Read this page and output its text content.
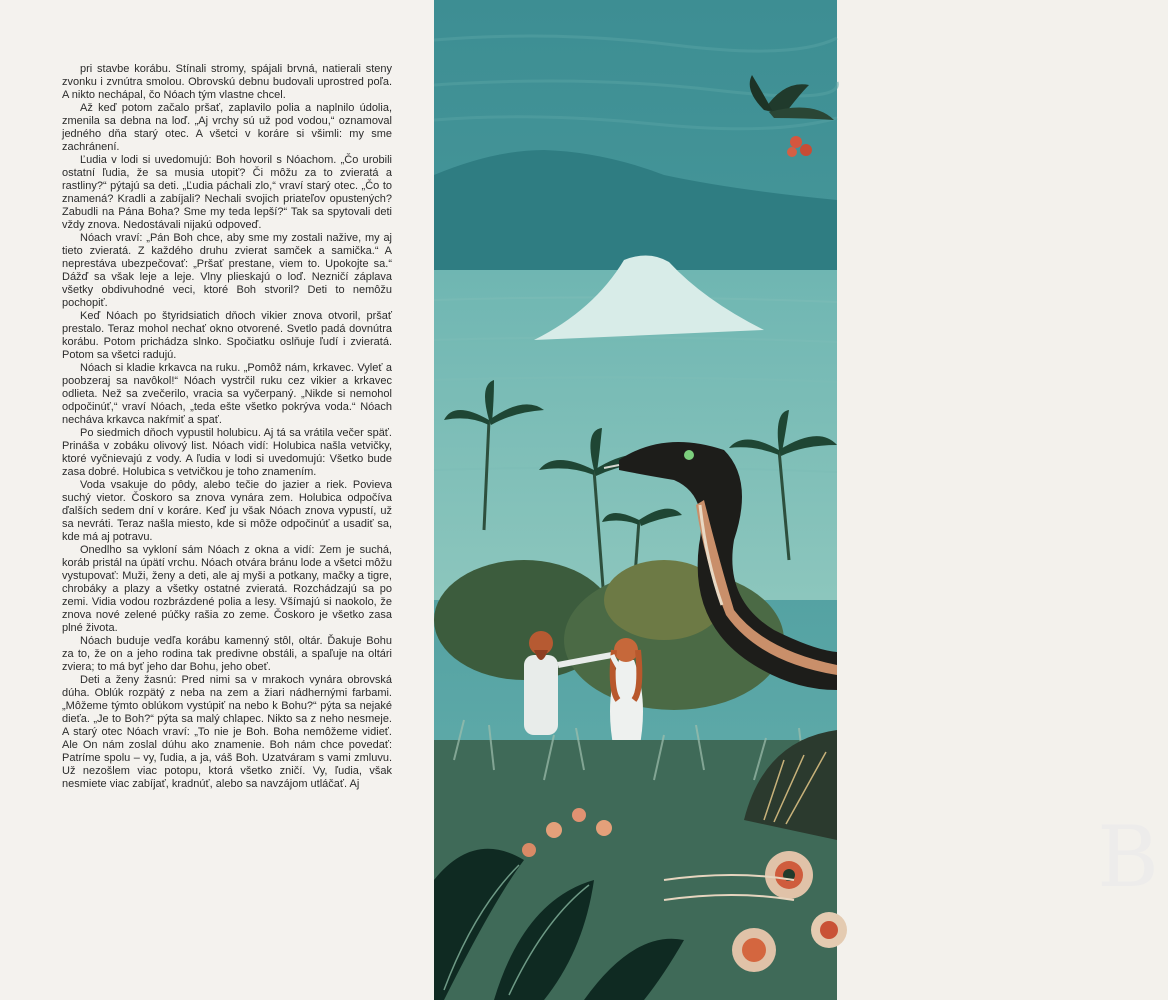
pri stavbe korábu. Stínali stromy, spájali brvná, natierali steny zvonku i zvnútra smolou. Obrovskú debnu budovali uprostred poľa. A nikto nechápal, čo Nóach tým vlastne chcel.

Až keď potom začalo pršať, zaplavilo polia a naplnilo údolia, zmenila sa debna na loď. „Aj vrchy sú už pod vodou,“ oznamoval jedného dňa starý otec. A všetci v koráre si všimli: my sme zachránení.

Ľudia v lodi si uvedomujú: Boh hovoril s Nóachom. „Čo urobili ostatní ľudia, že sa musia utopiť? Či môžu za to zvieratá a rastliny?“ pýtajú sa deti. „Ľudia páchali zlo,“ vraví starý otec. „Čo to znamená? Kradli a zabíjali? Nechali svojich priateľov opustených? Zabudli na Pána Boha? Sme my teda lepší?“ Tak sa spytovali deti vždy znova. Nedostávali nijakú odpoveď.

Nóach vraví: „Pán Boh chce, aby sme my zostali nažive, my aj tieto zvieratá. Z každého druhu zvierat samček a samička.“ A neprestáva ubezpečovať: „Pršať prestane, viem to. Upokojte sa.“ Dážď sa však leje a leje. Vlny plieskajú o loď. Nezničí záplava všetky obdivuhodné veci, ktoré Boh stvoril? Deti to nemôžu pochopiť.

Keď Nóach po štyridsiatich dňoch vikier znova otvoril, pršať prestalo. Teraz mohol nechať okno otvorené. Svetlo padá dovnútra korábu. Potom prichádza slnko. Spočiatku oslňuje ľudí i zvieratá. Potom sa všetci radujú.

Nóach si kladie krkavca na ruku. „Pomôž nám, krkavec. Vyleť a poobzeraj sa navôkol!“ Nóach vystrčil ruku cez vikier a krkavec odlieta. Než sa zvečerilo, vracia sa vyčerpaný. „Nikde si nemohol odpočinúť,“ vraví Nóach, „teda ešte všetko pokrýva voda.“ Nóach necháva krkavca nakŕmiť a spať.

Po siedmich dňoch vypustil holubicu. Aj tá sa vrátila večer späť. Prináša v zobáku olivový list. Nóach vidí: Holubica našla vetvičky, ktoré vyčnievajú z vody. A ľudia v lodi si uvedomujú: Všetko bude zasa dobré. Holubica s vetvičkou je toho znamením.

Voda vsakuje do pôdy, alebo tečie do jazier a riek. Povieva suchý vietor. Čoskoro sa znova vynára zem. Holubica odpočíva ďalších sedem dní v koráre. Keď ju však Nóach znova vypustí, už sa nevráti. Teraz našla miesto, kde si môže odpočinúť a usadiť sa, kde má aj potravu.

Onedlho sa vykloní sám Nóach z okna a vidí: Zem je suchá, koráb pristál na úpätí vrchu. Nóach otvára bránu lode a všetci môžu vystupovať: Muži, ženy a deti, ale aj myši a potkany, mačky a tigre, chrobáky a plazy a všetky ostatné zvieratá. Rozchádzajú sa po zemi. Vidia vodou rozbrázdené polia a lesy. Všímajú si naokolo, že znova nové zelené púčky rašia zo zeme. Čoskoro je všetko zasa plné života.

Nóach buduje vedľa korábu kamenný stôl, oltár. Ďakuje Bohu za to, že on a jeho rodina tak predivne obstáli, a spaľuje na oltári zviera; to má byť jeho dar Bohu, jeho obeť.

Deti a ženy žasnú: Pred nimi sa v mrakoch vynára obrovská dúha. Oblúk rozpätý z neba na zem a žiari nádhernými farbami. „Môžeme týmto oblúkom vystúpiť na nebo k Bohu?“ pýta sa nejaké dieťa. „Je to Boh?“ pýta sa malý chlapec. Nikto sa z neho nesmeje. A starý otec Nóach vraví: „To nie je Boh. Boha nemôžeme vidieť. Ale On nám zoslal dúhu ako znamenie. Boh nám chce povedať: Patríme spolu – vy, ľudia, a ja, váš Boh. Uzatváram s vami zmluvu. Už nezošlem viac potopu, ktorá všetko zničí. Vy, ľudia, však nesmiete viac zabíjať, kradnúť, alebo sa navzájom utláčať. Aj

B
